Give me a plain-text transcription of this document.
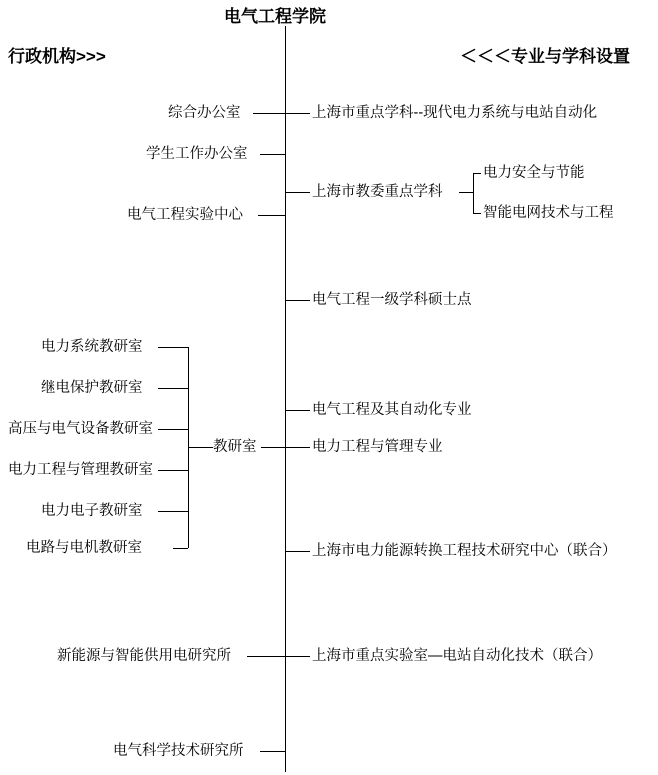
电气工程学院
行政机构>>>	＜＜＜专业与学科设置
综合办公室
学生工作办公室
电气工程实验中心
教研室
电力系统教研室
继电保护教研室
高压与电气设备教研室
电力工程与管理教研室
电力电子教研室
电路与电机教研室
新能源与智能供用电研究所
电气科学技术研究所
上海市重点学科--现代电力系统与电站自动化
上海市教委重点学科
电力安全与节能
智能电网技术与工程
电气工程一级学科硕士点
电气工程及其自动化专业
电力工程与管理专业
上海市电力能源转换工程技术研究中心（联合）
上海市重点实验室—电站自动化技术（联合）
